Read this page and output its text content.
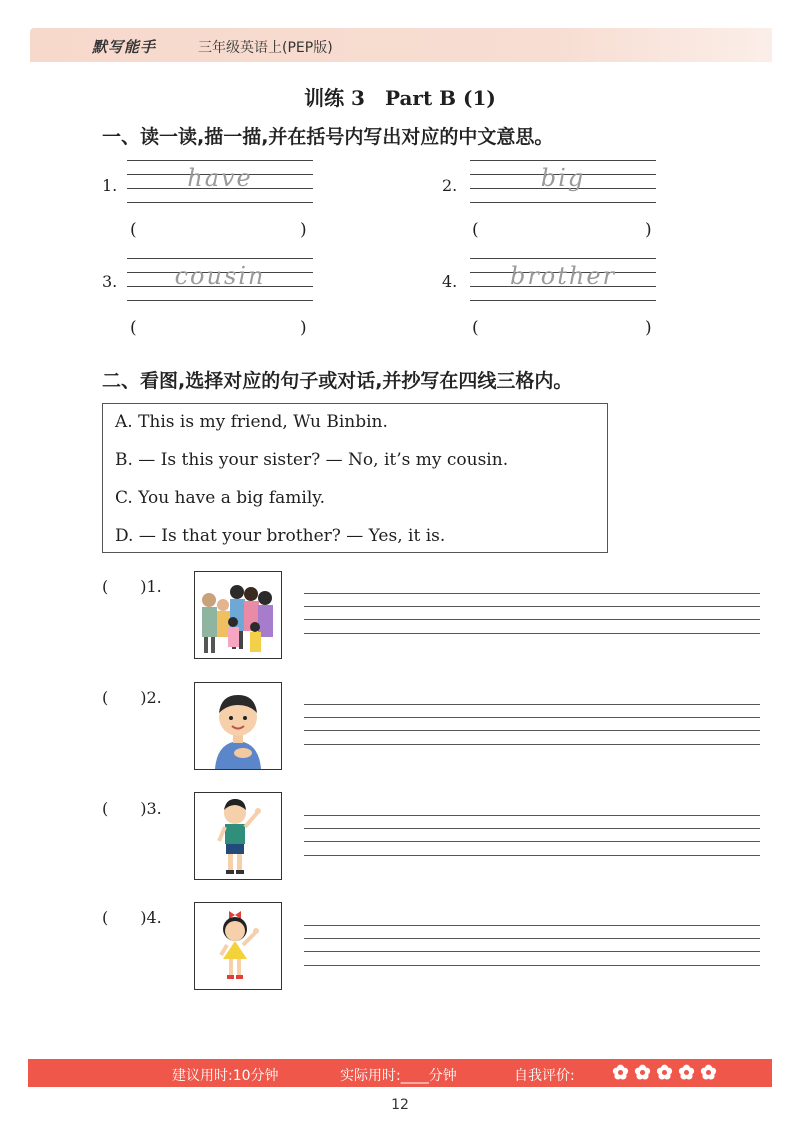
默写能手	三年级英语上(PEP版)
训练 3　Part B (1)
一、读一读,描一描,并在括号内写出对应的中文意思。
1.	have
(	)
2.	big
(	)
3.	cousin
(	)
4.	brother
(	)
二、看图,选择对应的句子或对话,并抄写在四线三格内。
A. This is my friend, Wu Binbin.
B. — Is this your sister? — No, it’s my cousin.
C. You have a big family.
D. — Is that your brother? — Yes, it is.
(　　)1.
(　　)2.
(　　)3.
(　　)4.
建议用时:10分钟	实际用时:____分钟	自我评价:
12
